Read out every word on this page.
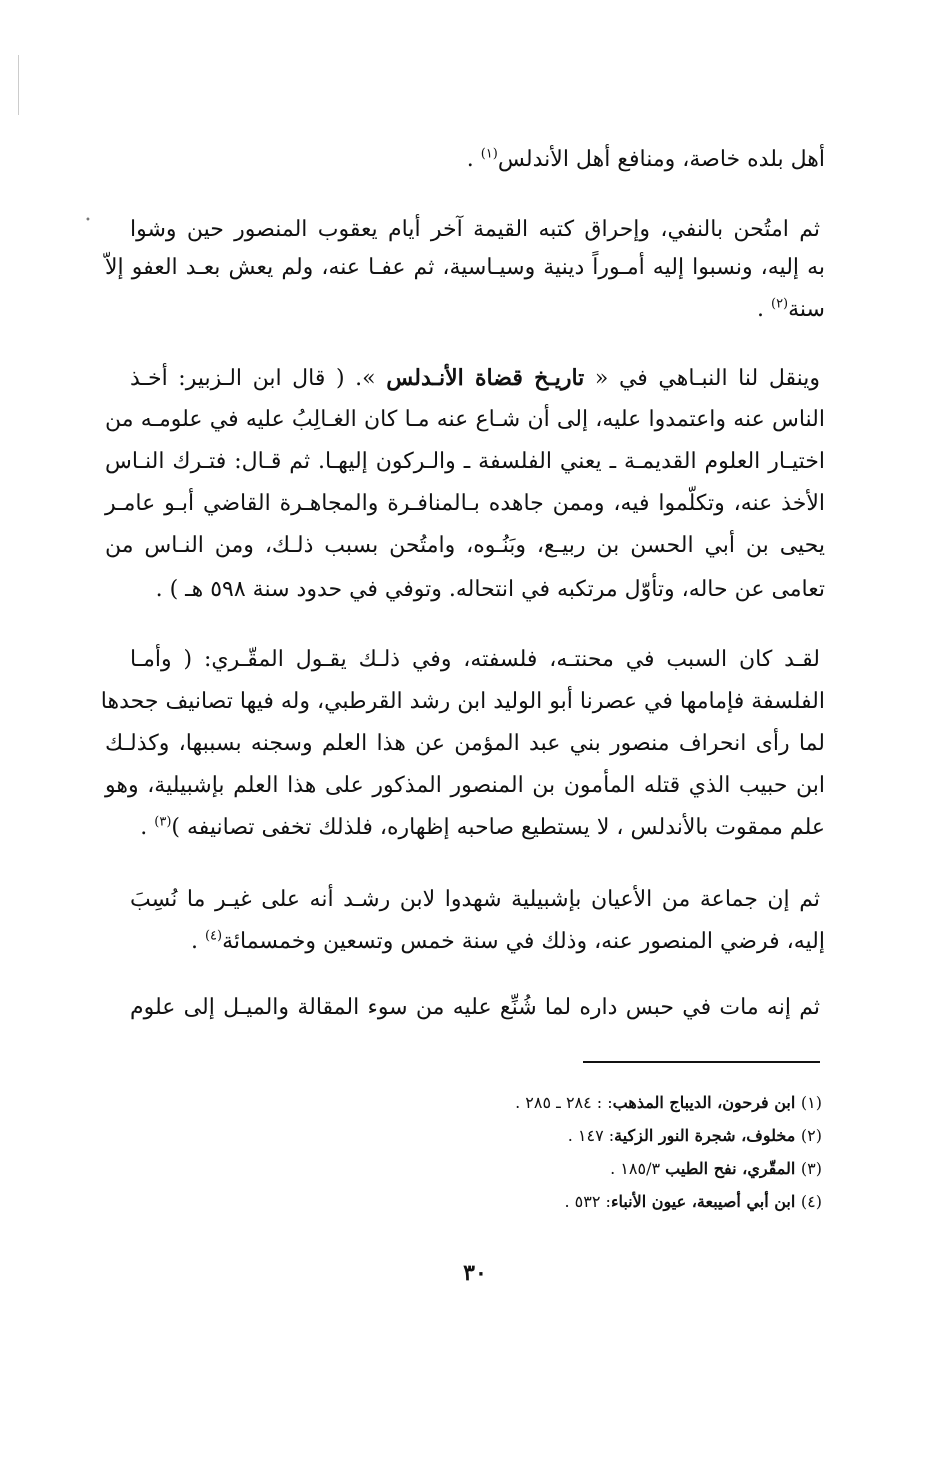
•
أهل بلده خاصة، ومنافع أهل الأندلس$^{(١)}$ .
ثم امتُحن بالنفي، وإحراق كتبه القيمة آخر أيام يعقوب المنصور حين وشوا
به إليه، ونسبوا إليه أمـوراً دينية وسيـاسية، ثم عفـا عنه، ولم يعش بعـد العفو إلاّ
سنة$^{(٢)}$ .
وينقل لنا النبـاهي في « تاريـخ قضاة الأنـدلس ». ( قال ابن الـزبير: أخـذ
الناس عنه واعتمدوا عليه، إلى أن شـاع عنه مـا كان الغـالِبُ عليه في علومـه من
اختيـار العلوم القديمـة ـ يعني الفلسفة ـ والـركون إليهـا. ثم قـال: فتـرك النـاس
الأخذ عنه، وتكلّموا فيه، وممن جاهده بـالمنافـرة والمجاهـرة القاضي أبـو عامـر
يحيى بن أبي الحسن بن ربيـع، وبَنُـوه، وامتُحن بسبب ذلـك، ومن النـاس من
تعامى عن حاله، وتأوّل مرتكبه في انتحاله. وتوفي في حدود سنة ٥٩٨ هـ ) .
لقـد كان السبب في محنتـه، فلسفته، وفي ذلـك يقـول المقّـري: ( وأمـا
الفلسفة فإمامها في عصرنا أبو الوليد ابن رشد القرطبي، وله فيها تصانيف جحدها
لما رأى انحراف منصور بني عبد المؤمن عن هذا العلم وسجنه بسببها، وكذلـك
ابن حبيب الذي قتله المأمون بن المنصور المذكور على هذا العلم بإشبيلية، وهو
علم ممقوت بالأندلس ، لا يستطيع صاحبه إظهاره، فلذلك تخفى تصانيفه )$^{(٣)}$ .
ثم إن جماعة من الأعيان بإشبيلية شهدوا لابن رشـد أنه على غيـر ما نُسِبَ
إليه، فرضي المنصور عنه، وذلك في سنة خمس وتسعين وخمسمائة$^{(٤)}$ .
ثم إنه مات في حبس داره لما شُنِّع عليه من سوء المقالة والميـل إلى علوم
(١) ابن فرحون، الديباج المذهب: : ٢٨٤ ـ ٢٨٥ .
(٢) مخلوف، شجرة النور الزكية: ١٤٧ .
(٣) المقّري، نفح الطيب ١٨٥/٣ .
(٤) ابن أبي أصيبعة، عيون الأنباء: ٥٣٢ .
٣٠
